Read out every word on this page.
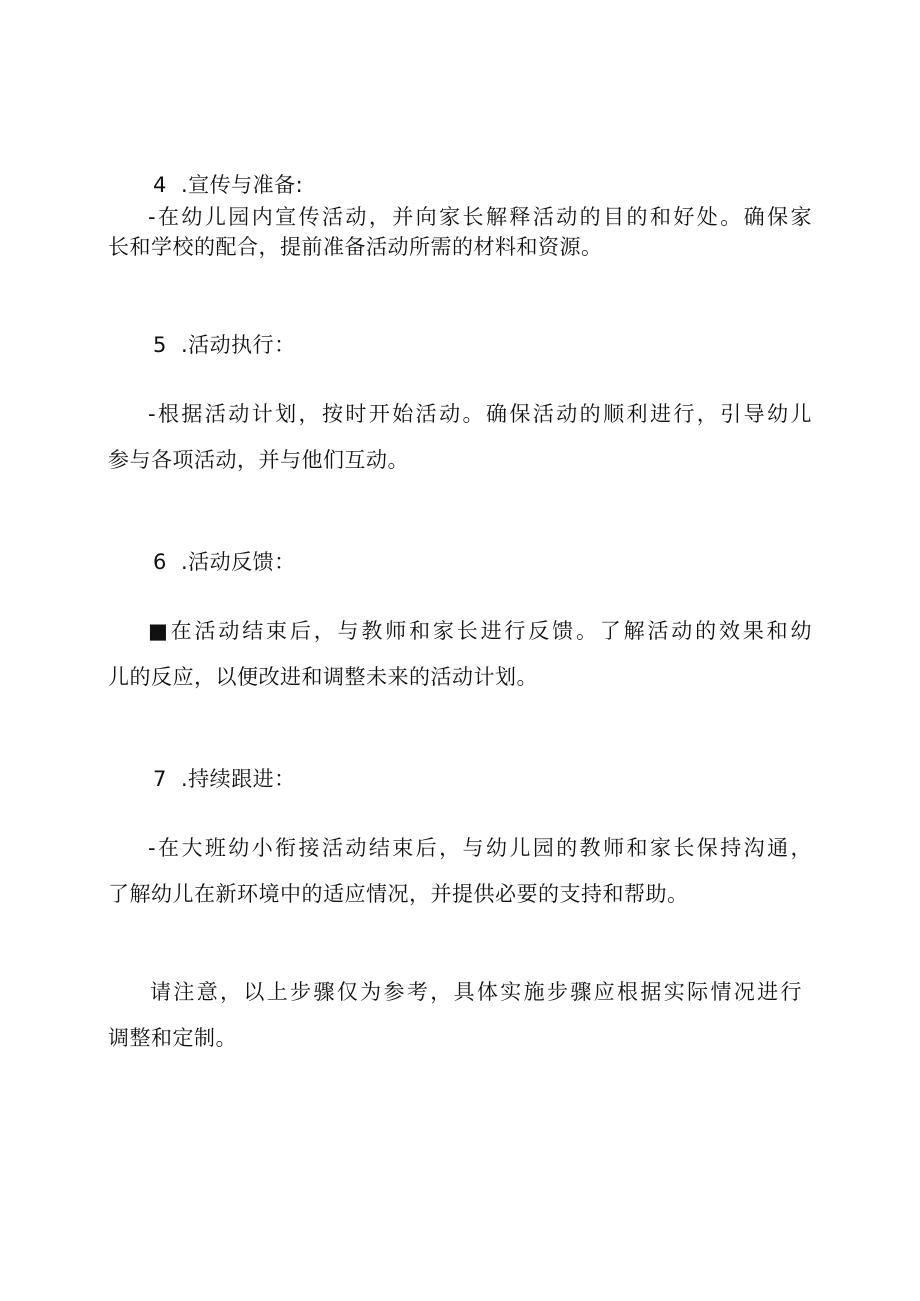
4 .宣传与准备:
-在幼儿园内宣传活动，并向家长解释活动的目的和好处。确保家
长和学校的配合，提前准备活动所需的材料和资源。
5 .活动执行：
-根据活动计划，按时开始活动。确保活动的顺利进行，引导幼儿
参与各项活动，并与他们互动。
6 .活动反馈：
■在活动结束后，与教师和家长进行反馈。了解活动的效果和幼
儿的反应，以便改进和调整未来的活动计划。
7 .持续跟进：
-在大班幼小衔接活动结束后，与幼儿园的教师和家长保持沟通，
了解幼儿在新环境中的适应情况，并提供必要的支持和帮助。
请注意，以上步骤仅为参考，具体实施步骤应根据实际情况进行
调整和定制。
